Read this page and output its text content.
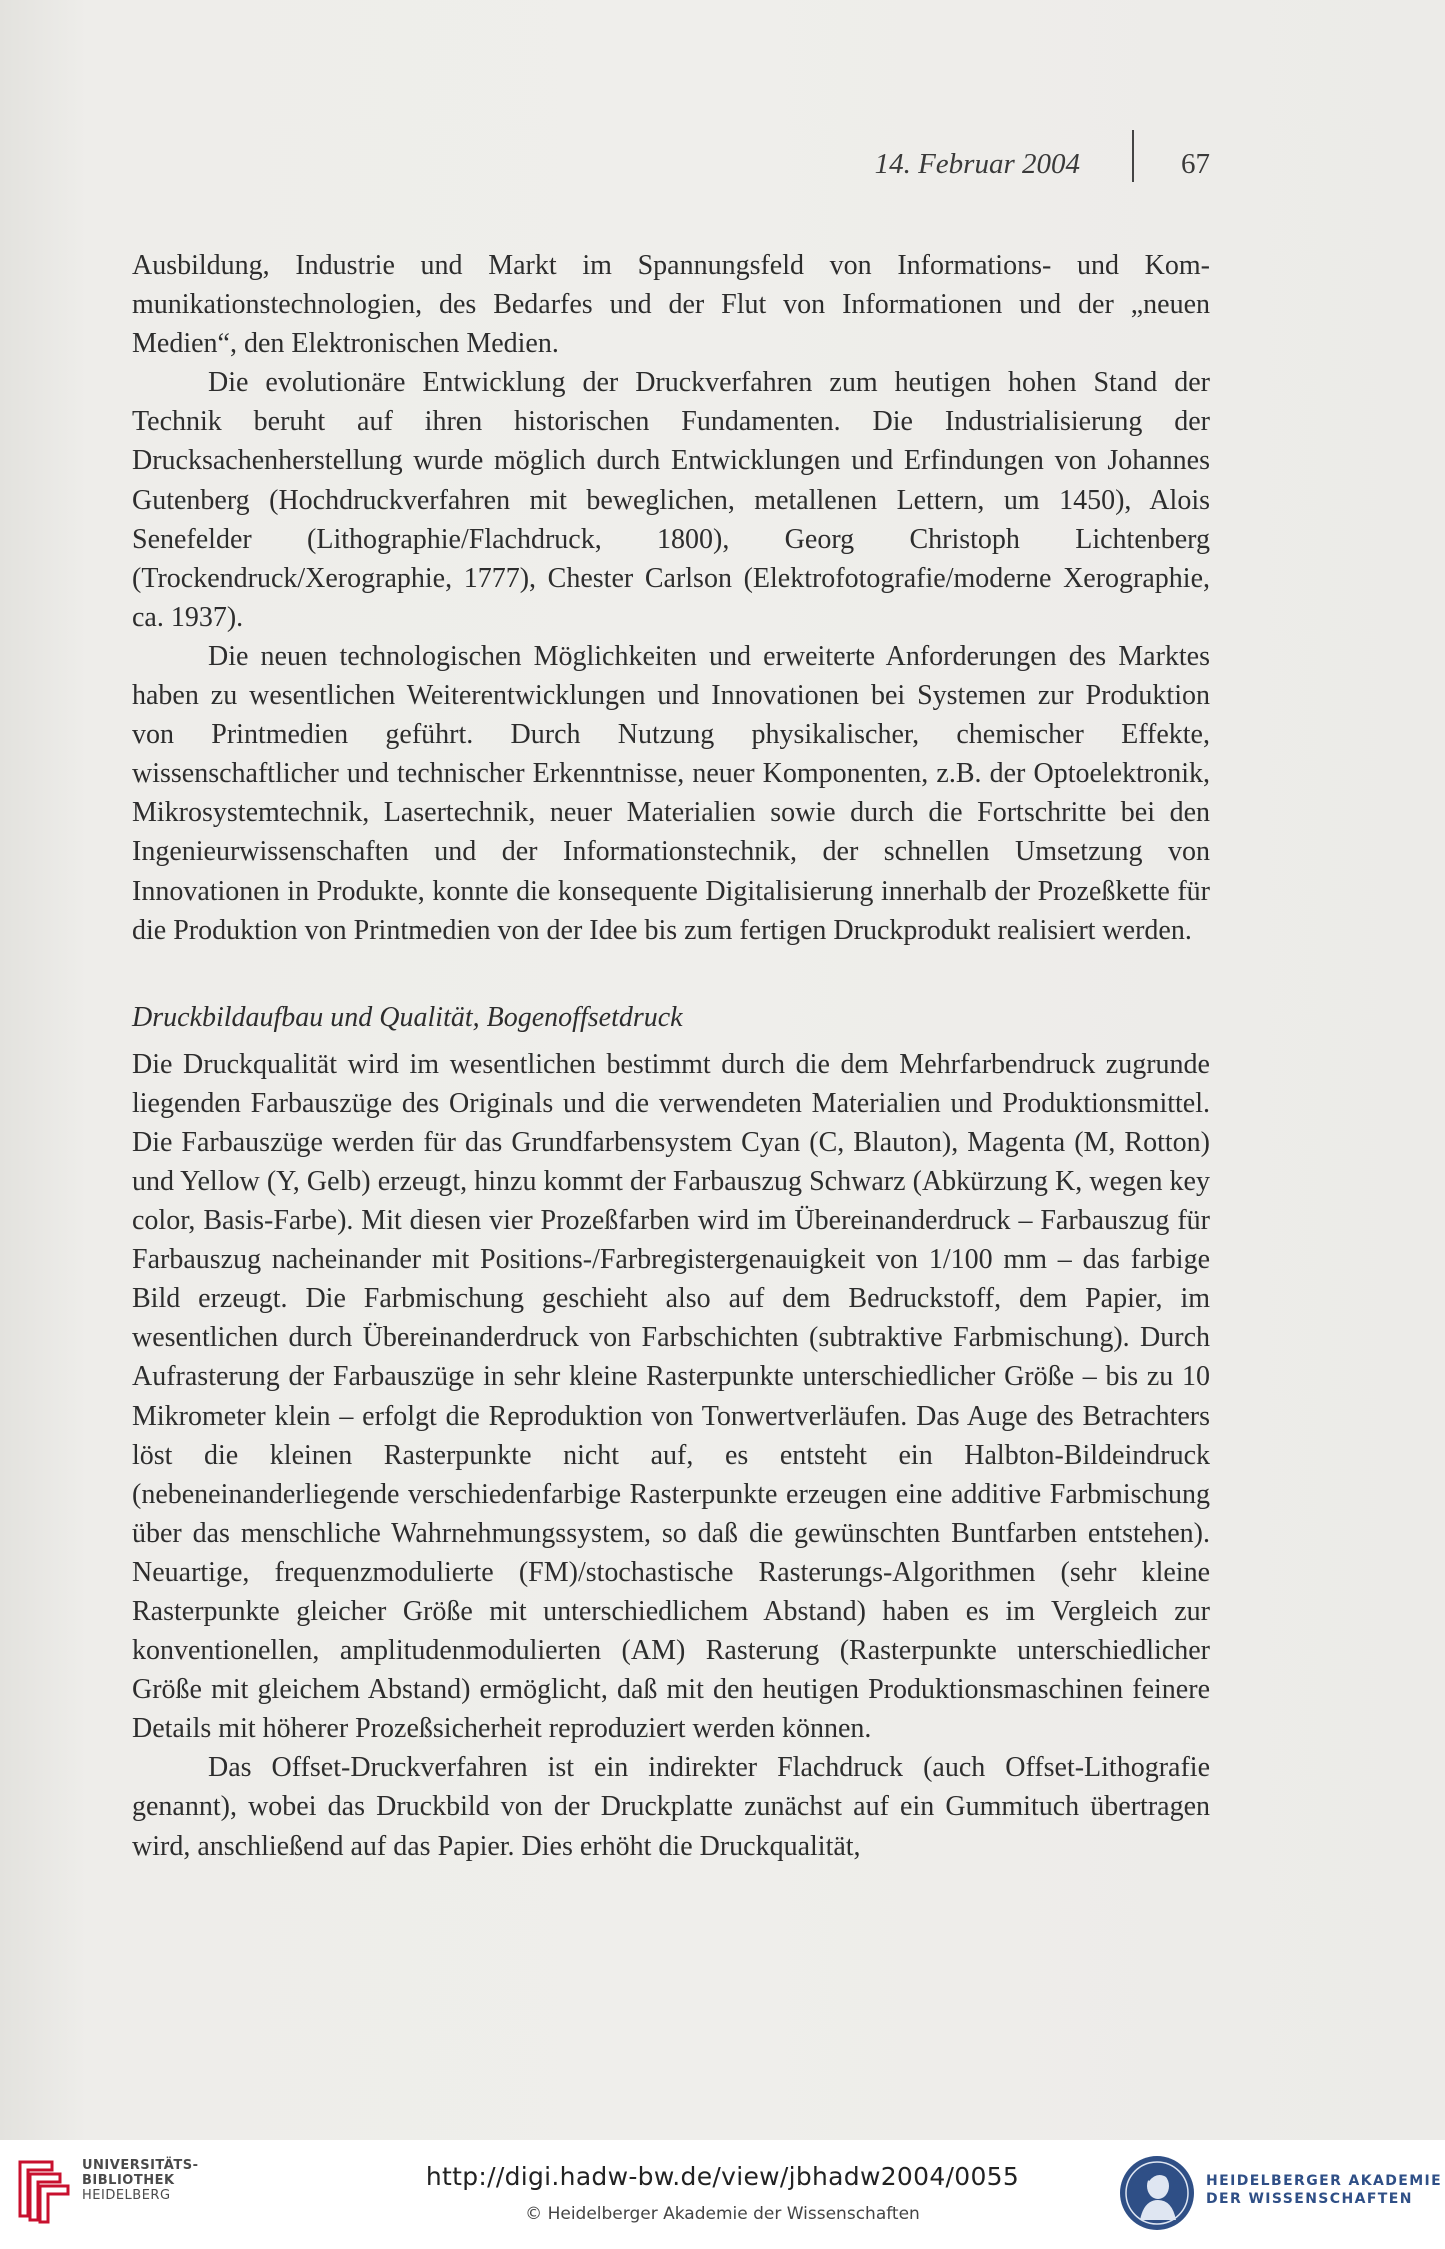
14. Februar 2004	67

Ausbildung, Industrie und Markt im Spannungsfeld von Informations- und Kommunikationstechnologien, des Bedarfes und der Flut von Informationen und der „neuen Medien“, den Elektronischen Medien.

Die evolutionäre Entwicklung der Druckverfahren zum heutigen hohen Stand der Technik beruht auf ihren historischen Fundamenten. Die Industrialisierung der Drucksachenherstellung wurde möglich durch Entwicklungen und Erfindungen von Johannes Gutenberg (Hochdruckverfahren mit beweglichen, metallenen Lettern, um 1450), Alois Senefelder (Lithographie/Flachdruck, 1800), Georg Christoph Lichtenberg (Trockendruck/Xerographie, 1777), Chester Carlson (Elektrofotografie/moderne Xerographie, ca. 1937).

Die neuen technologischen Möglichkeiten und erweiterte Anforderungen des Marktes haben zu wesentlichen Weiterentwicklungen und Innovationen bei Systemen zur Produktion von Printmedien geführt. Durch Nutzung physikalischer, chemischer Effekte, wissenschaftlicher und technischer Erkenntnisse, neuer Komponenten, z.B. der Optoelektronik, Mikrosystemtechnik, Lasertechnik, neuer Materialien sowie durch die Fortschritte bei den Ingenieurwissenschaften und der Informationstechnik, der schnellen Umsetzung von Innovationen in Produkte, konnte die konsequente Digitalisierung innerhalb der Prozeßkette für die Produktion von Printmedien von der Idee bis zum fertigen Druckprodukt realisiert werden.

Druckbildaufbau und Qualität, Bogenoffsetdruck

Die Druckqualität wird im wesentlichen bestimmt durch die dem Mehrfarbendruck zugrunde liegenden Farbauszüge des Originals und die verwendeten Materialien und Produktionsmittel. Die Farbauszüge werden für das Grundfarbensystem Cyan (C, Blauton), Magenta (M, Rotton) und Yellow (Y, Gelb) erzeugt, hinzu kommt der Farbauszug Schwarz (Abkürzung K, wegen key color, Basis-Farbe). Mit diesen vier Prozeßfarben wird im Übereinanderdruck – Farbauszug für Farbauszug nacheinander mit Positions-/Farbregistergenauigkeit von 1/100 mm – das farbige Bild erzeugt. Die Farbmischung geschieht also auf dem Bedruckstoff, dem Papier, im wesentlichen durch Übereinanderdruck von Farbschichten (subtraktive Farbmischung). Durch Aufrasterung der Farbauszüge in sehr kleine Rasterpunkte unterschiedlicher Größe – bis zu 10 Mikrometer klein – erfolgt die Reproduktion von Tonwertverläufen. Das Auge des Betrachters löst die kleinen Rasterpunkte nicht auf, es entsteht ein Halbton-Bildeindruck (nebeneinanderliegende verschiedenfarbige Rasterpunkte erzeugen eine additive Farbmischung über das menschliche Wahrnehmungssystem, so daß die gewünschten Buntfarben entstehen). Neuartige, frequenzmodulierte (FM)/stochastische Rasterungs-Algorithmen (sehr kleine Rasterpunkte gleicher Größe mit unterschiedlichem Abstand) haben es im Vergleich zur konventionellen, amplitudenmodulierten (AM) Rasterung (Rasterpunkte unterschiedlicher Größe mit gleichem Abstand) ermöglicht, daß mit den heutigen Produktionsmaschinen feinere Details mit höherer Prozeßsicherheit reproduziert werden können.

Das Offset-Druckverfahren ist ein indirekter Flachdruck (auch Offset-Lithografie genannt), wobei das Druckbild von der Druckplatte zunächst auf ein Gummituch übertragen wird, anschließend auf das Papier. Dies erhöht die Druckqualität,

UNIVERSITÄTS-
BIBLIOTHEK
HEIDELBERG
http://digi.hadw-bw.de/view/jbhadw2004/0055
© Heidelberger Akademie der Wissenschaften
HEIDELBERGER AKADEMIE
DER WISSENSCHAFTEN
